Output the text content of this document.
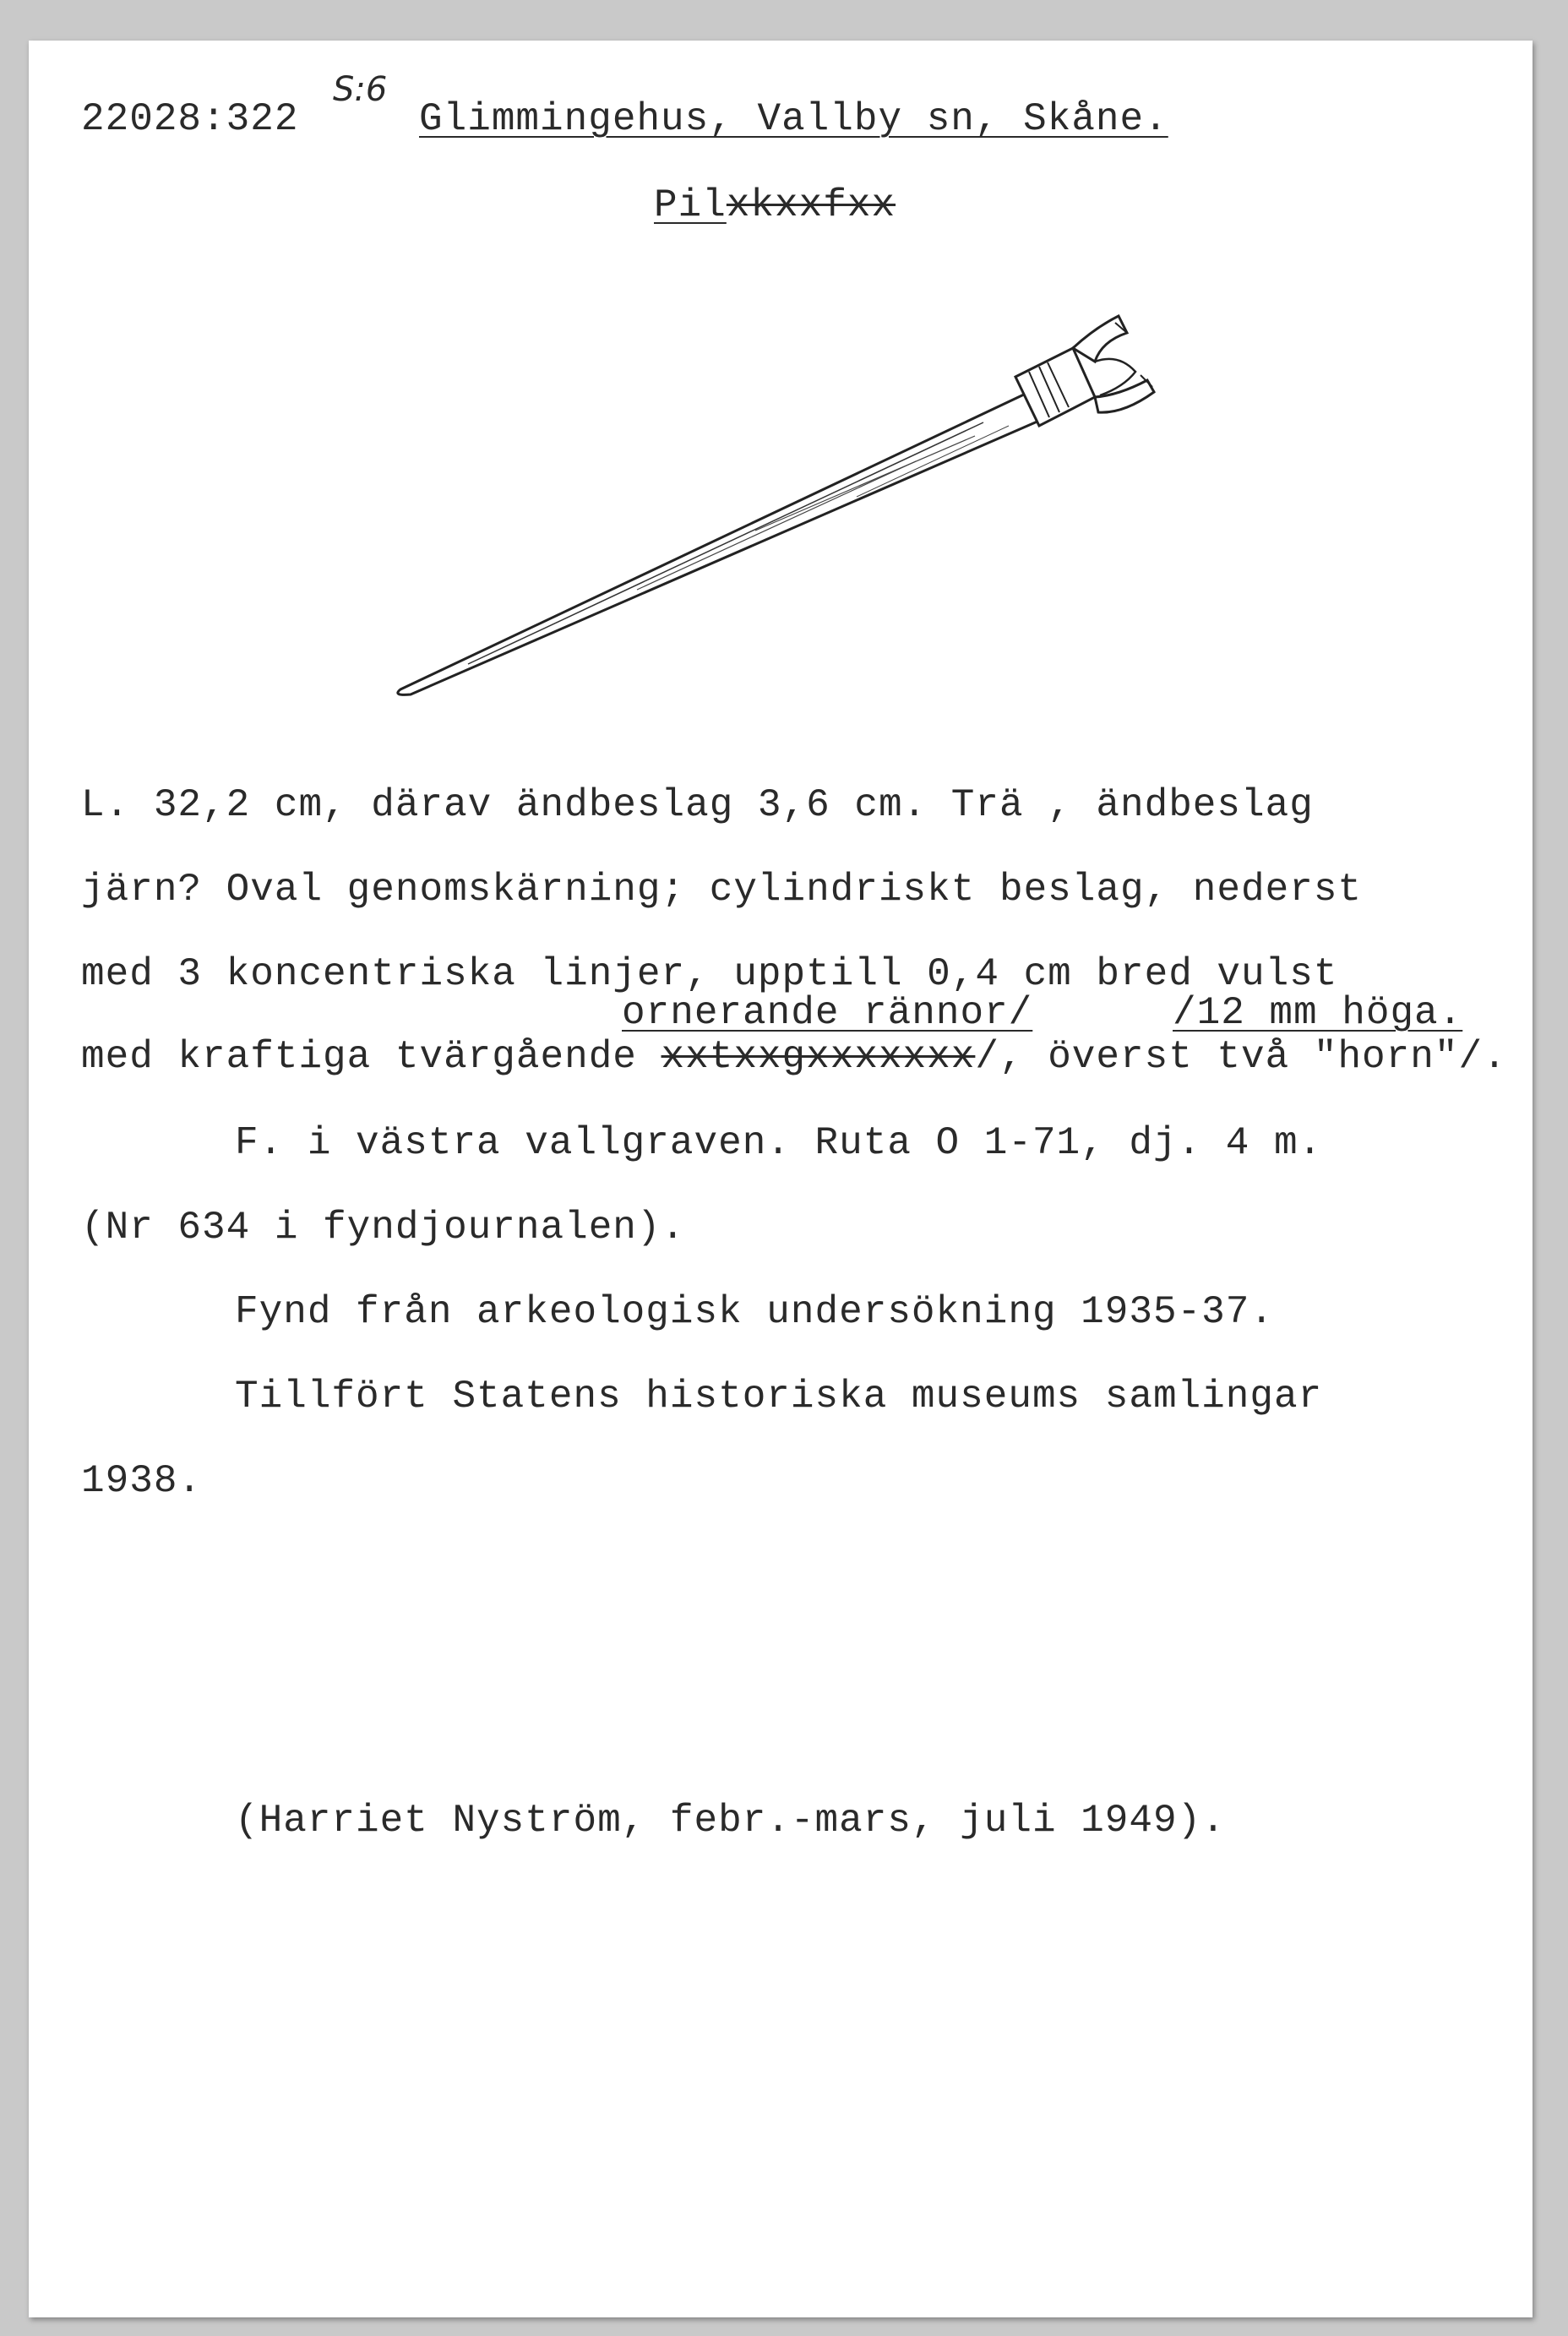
22028:322
S:6
Glimmingehus, Vallby sn, Skåne.
Pilxkxxfxx
L. 32,2 cm, därav ändbeslag 3,6 cm. Trä , ändbeslag
järn? Oval genomskärning; cylindriskt beslag, nederst
med 3 koncentriska linjer, upptill 0,4 cm bred vulst
ornerande rännor/	/12 mm höga.
med kraftiga tvärgående xxtxxgxxxxxxx/, överst två "horn"/.
F. i västra vallgraven. Ruta O 1-71, dj. 4 m.
(Nr 634 i fyndjournalen).
Fynd från arkeologisk undersökning 1935-37.
Tillfört Statens historiska museums samlingar
1938.
(Harriet Nyström, febr.-mars, juli 1949).
